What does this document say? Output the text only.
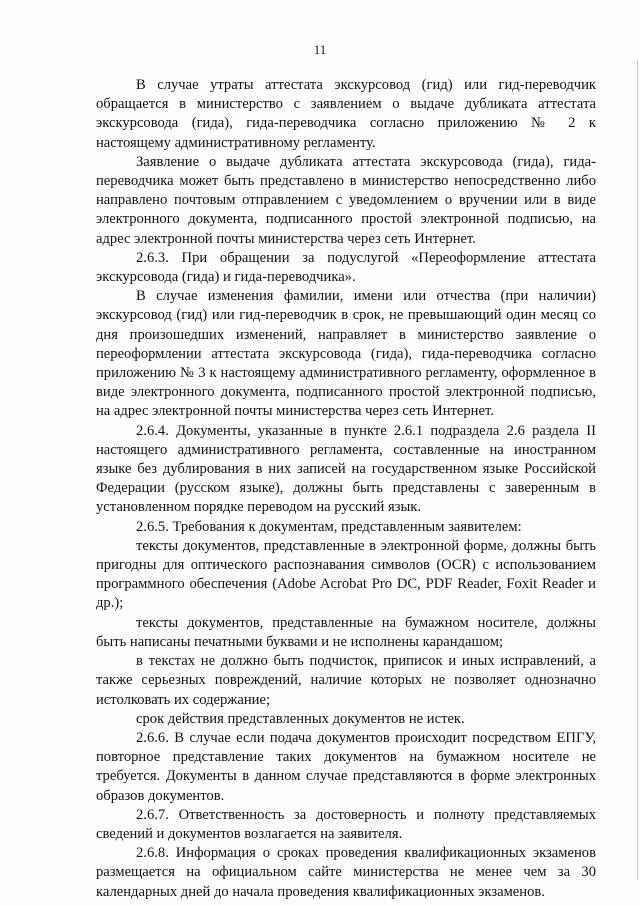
11

В случае утраты аттестата экскурсовод (гид) или гид-переводчик обращается в министерство с заявлением о выдаче дубликата аттестата экскурсовода (гида), гида-переводчика согласно приложению № 2 к настоящему административному регламенту.

Заявление о выдаче дубликата аттестата экскурсовода (гида), гида-переводчика может быть представлено в министерство непосредственно либо направлено почтовым отправлением с уведомлением о вручении или в виде электронного документа, подписанного простой электронной подписью, на адрес электронной почты министерства через сеть Интернет.

2.6.3. При обращении за подуслугой «Переоформление аттестата экскурсовода (гида) и гида-переводчика».

В случае изменения фамилии, имени или отчества (при наличии) экскурсовод (гид) или гид-переводчик в срок, не превышающий один месяц со дня произошедших изменений, направляет в министерство заявление о переоформлении аттестата экскурсовода (гида), гида-переводчика согласно приложению № 3 к настоящему административного регламенту, оформленное в виде электронного документа, подписанного простой электронной подписью, на адрес электронной почты министерства через сеть Интернет.

2.6.4. Документы, указанные в пункте 2.6.1 подраздела 2.6 раздела II настоящего административного регламента, составленные на иностранном языке без дублирования в них записей на государственном языке Российской Федерации (русском языке), должны быть представлены с заверенным в установленном порядке переводом на русский язык.

2.6.5. Требования к документам, представленным заявителем:

тексты документов, представленные в электронной форме, должны быть пригодны для оптического распознавания символов (OCR) с использованием программного обеспечения (Adobe Acrobat Pro DC, PDF Reader, Foxit Reader и др.);

тексты документов, представленные на бумажном носителе, должны быть написаны печатными буквами и не исполнены карандашом;

в текстах не должно быть подчисток, приписок и иных исправлений, а также серьезных повреждений, наличие которых не позволяет однозначно истолковать их содержание;

срок действия представленных документов не истек.

2.6.6. В случае если подача документов происходит посредством ЕПГУ, повторное представление таких документов на бумажном носителе не требуется. Документы в данном случае представляются в форме электронных образов документов.

2.6.7. Ответственность за достоверность и полноту представляемых сведений и документов возлагается на заявителя.

2.6.8. Информация о сроках проведения квалификационных экзаменов размещается на официальном сайте министерства не менее чем за 30 календарных дней до начала проведения квалификационных экзаменов.
